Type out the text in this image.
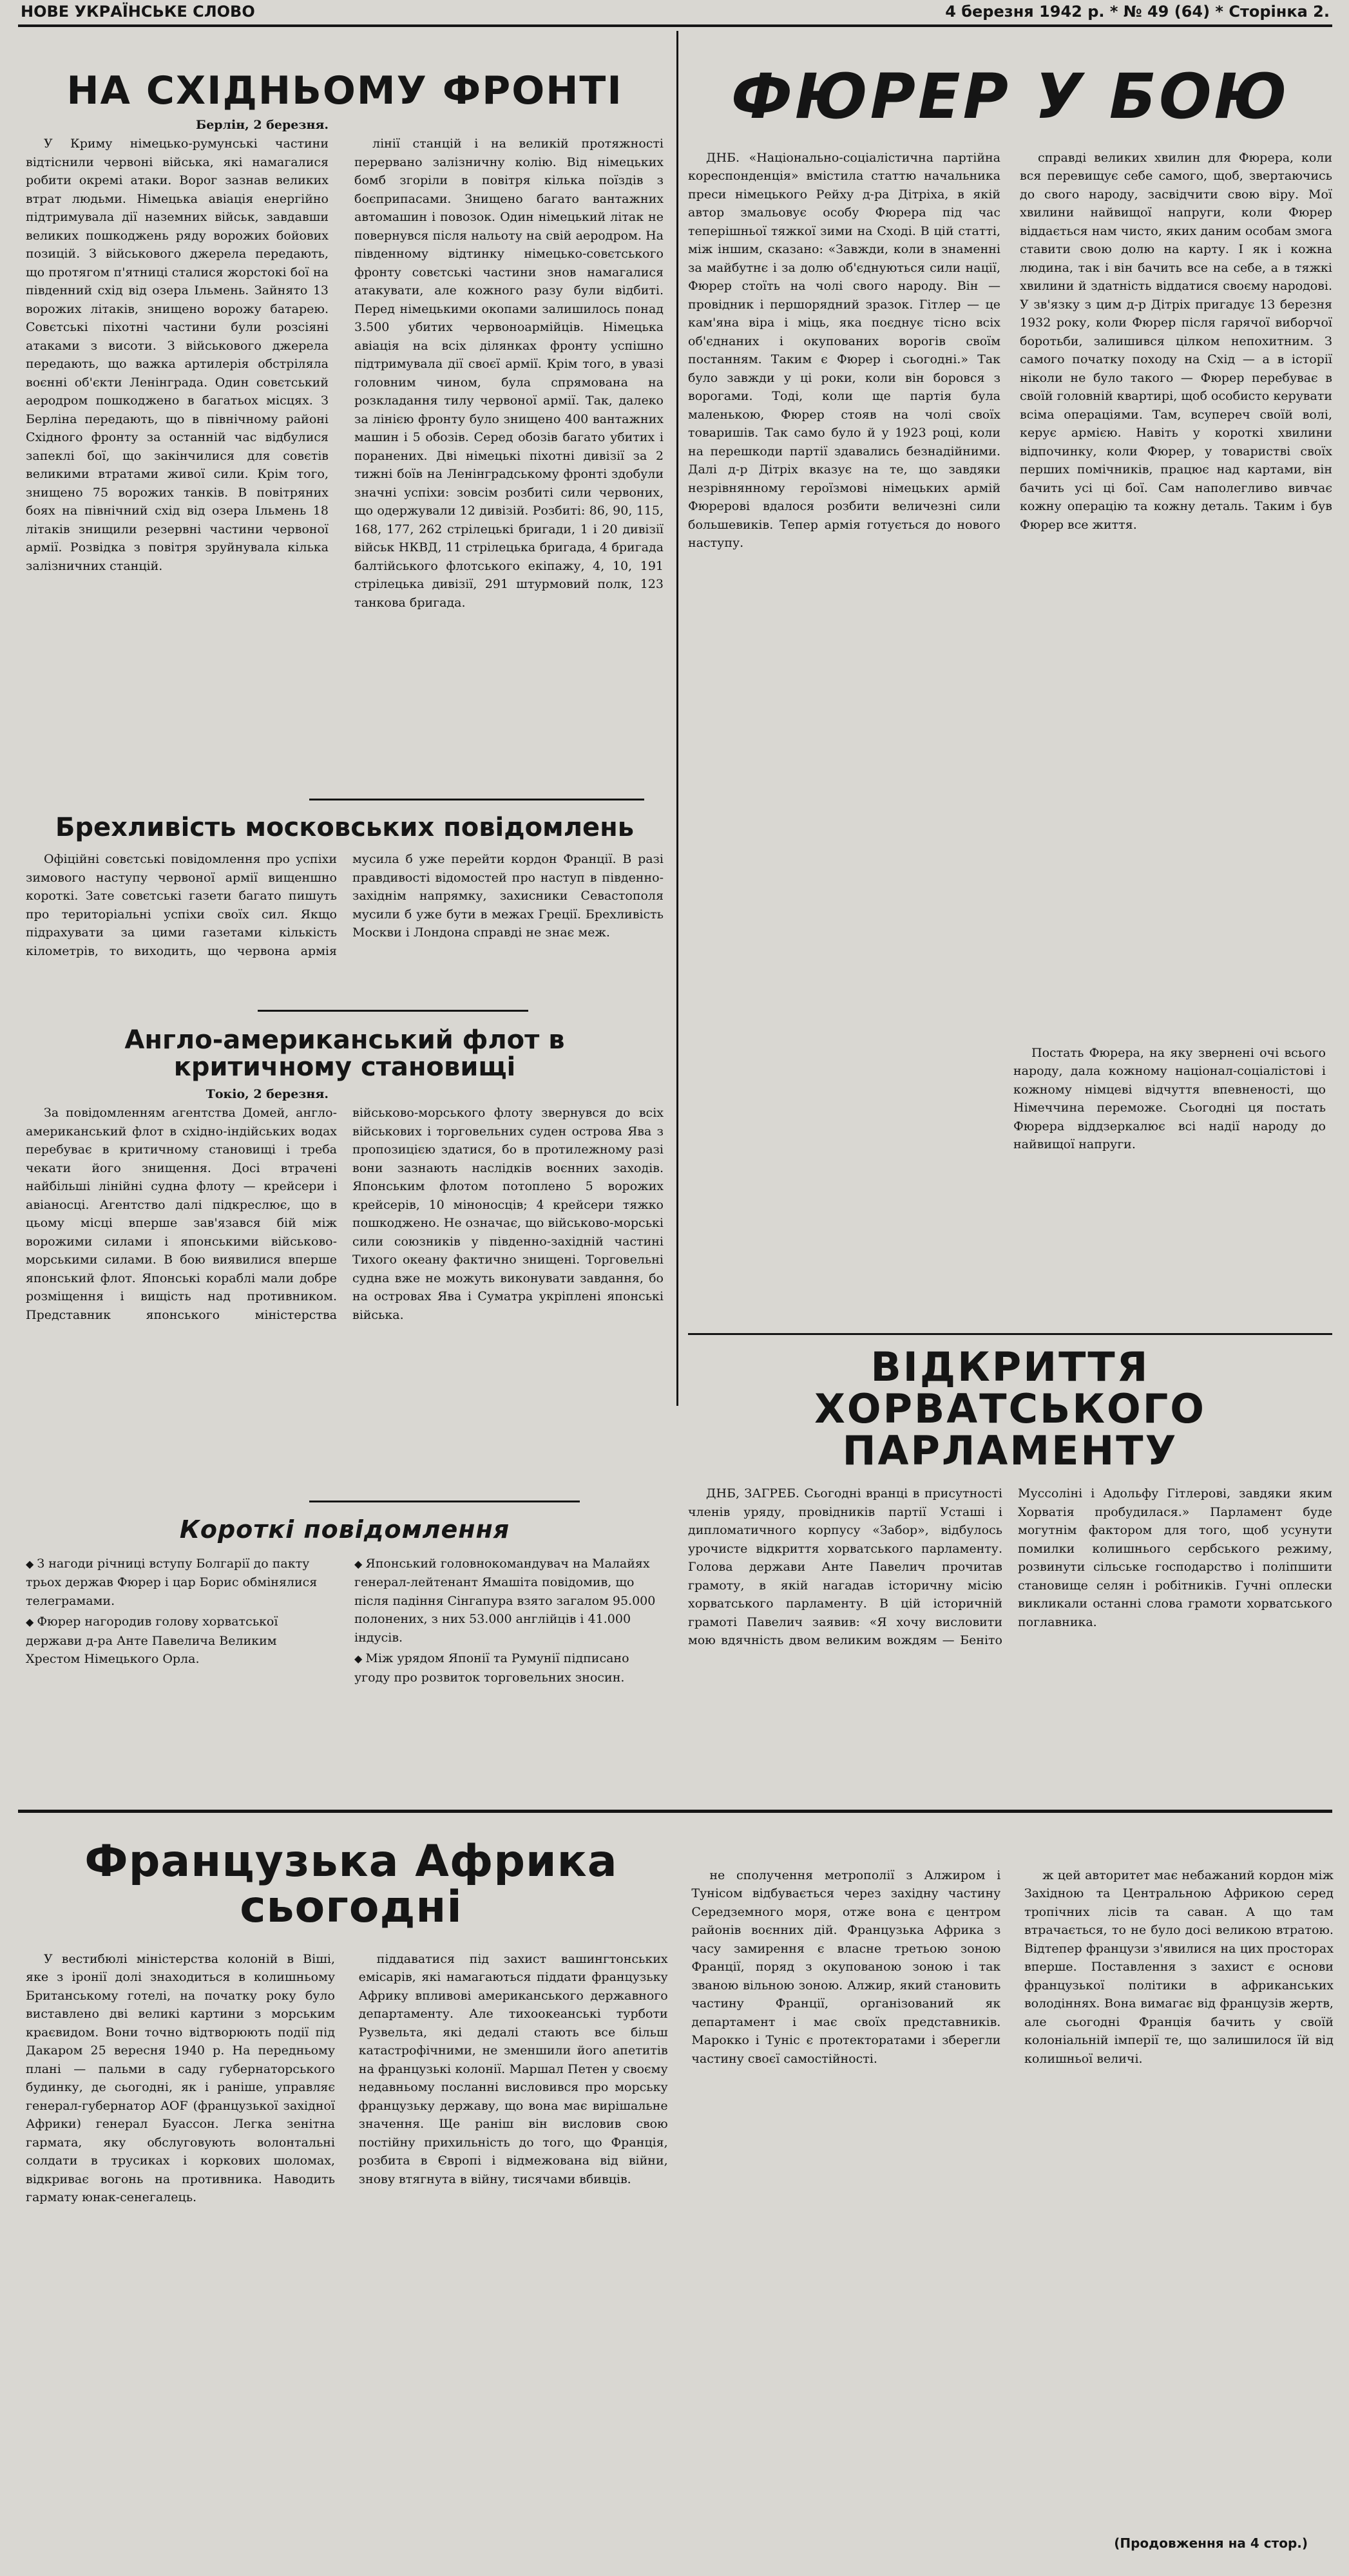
НОВЕ УКРАЇНСЬКЕ СЛОВО	4 березня 1942 р. * № 49 (64) * Сторінка 2.
НА СХІДНЬОМУ ФРОНТІ
Берлін, 2 березня.
У Криму німецько-румунські частини відтіснили червоні війська, які намагалися робити окремі атаки. Ворог зазнав великих втрат людьми. Німецька авіація енергійно підтримувала дії наземних військ, завдавши великих пошкоджень ряду ворожих бойових позицій. З військового джерела передають, що протягом п'ятниці сталися жорстокі бої на південний схід від озера Ільмень. Зайнято 13 ворожих літаків, знищено ворожу батарею. Совєтські піхотні частини були розсіяні атаками з висоти. З військового джерела передають, що важка артилерія обстріляла воєнні об'єкти Ленінграда. Один совєтський аеродром пошкоджено в багатьох місцях. З Берліна передають, що в північному районі Східного фронту за останній час відбулися запеклі бої, що закінчилися для совєтів великими втратами живої сили. Крім того, знищено 75 ворожих танків. В повітряних боях на північний схід від озера Ільмень 18 літаків знищили резервні частини червоної армії. Розвідка з повітря зруйнувала кілька залізничних станцій.
лінії станцій і на великій протяжності перервано залізничну колію. Від німецьких бомб згоріли в повітря кілька поїздів з боєприпасами. Знищено багато вантажних автомашин і повозок. Один німецький літак не повернувся після нальоту на свій аеродром. На південному відтинку німецько-совєтського фронту совєтські частини знов намагалися атакувати, але кожного разу були відбиті. Перед німецькими окопами залишилось понад 3.500 убитих червоноармійців. Німецька авіація на всіх ділянках фронту успішно підтримувала дії своєї армії. Крім того, в увазі головним чином, була спрямована на розкладання тилу червоної армії. Так, далеко за лінією фронту було знищено 400 вантажних машин і 5 обозів. Серед обозів багато убитих і поранених. Дві німецькі піхотні дивізії за 2 тижні боїв на Ленінградському фронті здобули значні успіхи: зовсім розбиті сили червоних, що одержували 12 дивізій. Розбиті: 86, 90, 115, 168, 177, 262 стрілецькі бригади, 1 і 20 дивізії військ НКВД, 11 стрілецька бригада, 4 бригада балтійського флотського екіпажу, 4, 10, 191 стрілецька дивізії, 291 штурмовий полк, 123 танкова бригада.
Брехливість московських повідомлень
Офіційні совєтські повідомлення про успіхи зимового наступу червоної армії вищеншно короткі. Зате совєтські газети багато пишуть про територіальні успіхи своїх сил. Якщо підрахувати за цими газетами кількість кілометрів, то виходить, що червона армія мусила б уже перейти кордон Франції. В разі правдивості відомостей про наступ в південно-західнім напрямку, захисники Севастополя мусили б уже бути в межах Греції. Брехливість Москви і Лондона справді не знає меж.
Англо-американський флот в критичному становищі
Токіо, 2 березня.
За повідомленням агентства Домей, англо-американський флот в східно-індійських водах перебуває в критичному становищі і треба чекати його знищення. Досі втрачені найбільші лінійні судна флоту — крейсери і авіаносці. Агентство далі підкреслює, що в цьому місці вперше зав'язався бій між ворожими силами і японськими військово-морськими силами. В бою виявилися вперше японський флот. Японські кораблі мали добре розміщення і вищість над противником. Представник японського міністерства військово-морського флоту звернувся до всіх військових і торговельних суден острова Ява з пропозицією здатися, бо в протилежному разі вони зазнають наслідків воєнних заходів. Японським флотом потоплено 5 ворожих крейсерів, 10 міноносців; 4 крейсери тяжко пошкоджено. Не означає, що військово-морські сили союзників у південно-західній частині Тихого океану фактично знищені. Торговельні судна вже не можуть виконувати завдання, бо на островах Ява і Суматра укріплені японські війська.
Короткі повідомлення
◆ З нагоди річниці вступу Болгарії до пакту трьох держав Фюрер і цар Борис обмінялися телеграмами.
◆ Фюрер нагородив голову хорватської держави д-ра Анте Павелича Великим Хрестом Німецького Орла.
◆ Японський головнокомандувач на Малайях генерал-лейтенант Ямашіта повідомив, що після падіння Сінгапура взято загалом 95.000 полонених, з них 53.000 англійців і 41.000 індусів.
◆ Між урядом Японії та Румунії підписано угоду про розвиток торговельних зносин.
ФЮРЕР У БОЮ
ДНБ. «Національно-соціалістична партійна кореспонденція» вмістила статтю начальника преси німецького Рейху д-ра Дітріха, в якій автор змальовує особу Фюрера під час теперішньої тяжкої зими на Сході. В цій статті, між іншим, сказано: «Завжди, коли в знаменні за майбутнє і за долю об'єднуються сили нації, Фюрер стоїть на чолі свого народу. Він — провідник і першорядний зразок. Гітлер — це кам'яна віра і міць, яка поєднує тісно всіх об'єднаних і окупованих ворогів своїм постанням. Таким є Фюрер і сьогодні.» Так було завжди у ці роки, коли він боровся з ворогами. Тоді, коли ще партія була маленькою, Фюрер стояв на чолі своїх товаришів. Так само було й у 1923 році, коли на перешкоди партії здавались безнадійними. Далі д-р Дітріх вказує на те, що завдяки незрівнянному героїзмові німецьких армій Фюрерові вдалося розбити величезні сили большевиків. Тепер армія готується до нового наступу.
справді великих хвилин для Фюрера, коли вся перевищує себе самого, щоб, звертаючись до свого народу, засвідчити свою віру. Мої хвилини найвищої напруги, коли Фюрер віддається нам чисто, яких даним особам змога ставити свою долю на карту. І як і кожна людина, так і він бачить все на себе, а в тяжкі хвилини й здатність віддатися своєму народові. У зв'язку з цим д-р Дітріх пригадує 13 березня 1932 року, коли Фюрер після гарячої виборчої боротьби, залишився цілком непохитним. З самого початку походу на Схід — а в історії ніколи не було такого — Фюрер перебуває в своїй головній квартирі, щоб особисто керувати всіма операціями. Там, всупереч своїй волі, керує армією. Навіть у короткі хвилини відпочинку, коли Фюрер, у товаристві своїх перших помічників, працює над картами, він бачить усі ці бої. Сам наполегливо вивчає кожну операцію та кожну деталь. Таким і був Фюрер все життя.
Постать Фюрера, на яку звернені очі всього народу, дала кожному націонал-соціалістові і кожному німцеві відчуття впевненості, що Німеччина переможе. Сьогодні ця постать Фюрера віддзеркалює всі надії народу до найвищої напруги.
ВІДКРИТТЯ ХОРВАТСЬКОГО ПАРЛАМЕНТУ
ДНБ, ЗАГРЕБ. Сьогодні вранці в присутності членів уряду, провідників партії Усташі і дипломатичного корпусу «Забор», відбулось урочисте відкриття хорватського парламенту. Голова держави Анте Павелич прочитав грамоту, в якій нагадав історичну місію хорватського парламенту. В цій історичній грамоті Павелич заявив: «Я хочу висловити мою вдячність двом великим вождям — Беніто Муссоліні і Адольфу Гітлерові, завдяки яким Хорватія пробудилася.» Парламент буде могутнім фактором для того, щоб усунути помилки колишнього сербського режиму, розвинути сільське господарство і поліпшити становище селян і робітників. Гучні оплески викликали останні слова грамоти хорватського поглавника.
Французька Африка сьогодні
У вестибюлі міністерства колоній в Віші, яке з іронії долі знаходиться в колишньому Британському готелі, на початку року було виставлено дві великі картини з морським краєвидом. Вони точно відтворюють події під Дакаром 25 вересня 1940 р. На передньому плані — пальми в саду губернаторського будинку, де сьогодні, як і раніше, управляє генерал-губернатор AOF (французької західної Африки) генерал Буассон. Легка зенітна гармата, яку обслуговують волонтальні солдати в трусиках і коркових шоломах, відкриває вогонь на противника. Наводить гармату юнак-сенегалець.
піддаватися під захист вашингтонських емісарів, які намагаються піддати французьку Африку впливові американського державного департаменту. Але тихоокеанські турботи Рузвельта, які дедалі стають все більш катастрофічними, не зменшили його апетитів на французькі колонії. Маршал Петен у своєму недавньому посланні висловився про морську французьку державу, що вона має вирішальне значення. Ще раніш він висловив свою постійну прихильність до того, що Франція, розбита в Європі і відмежована від війни, знову втягнута в війну, тисячами вбивців.
не сполучення метрополії з Алжиром і Тунісом відбувається через західну частину Середземного моря, отже вона є центром районів воєнних дій. Французька Африка з часу замирення є власне третьою зоною Франції, поряд з окупованою зоною і так званою вільною зоною. Алжир, який становить частину Франції, організований як департамент і має своїх представників. Марокко і Туніс є протекторатами і зберегли частину своєї самостійності.
ж цей авторитет має небажаний кордон між Західною та Центральною Африкою серед тропічних лісів та саван. А що там втрачається, то не було досі великою втратою. Відтепер французи з'явилися на цих просторах вперше. Поставлення з захист є основи французької політики в африканських володіннях. Вона вимагає від французів жертв, але сьогодні Франція бачить у своїй колоніальній імперії те, що залишилося їй від колишньої величі.
(Продовження на 4 стор.)
